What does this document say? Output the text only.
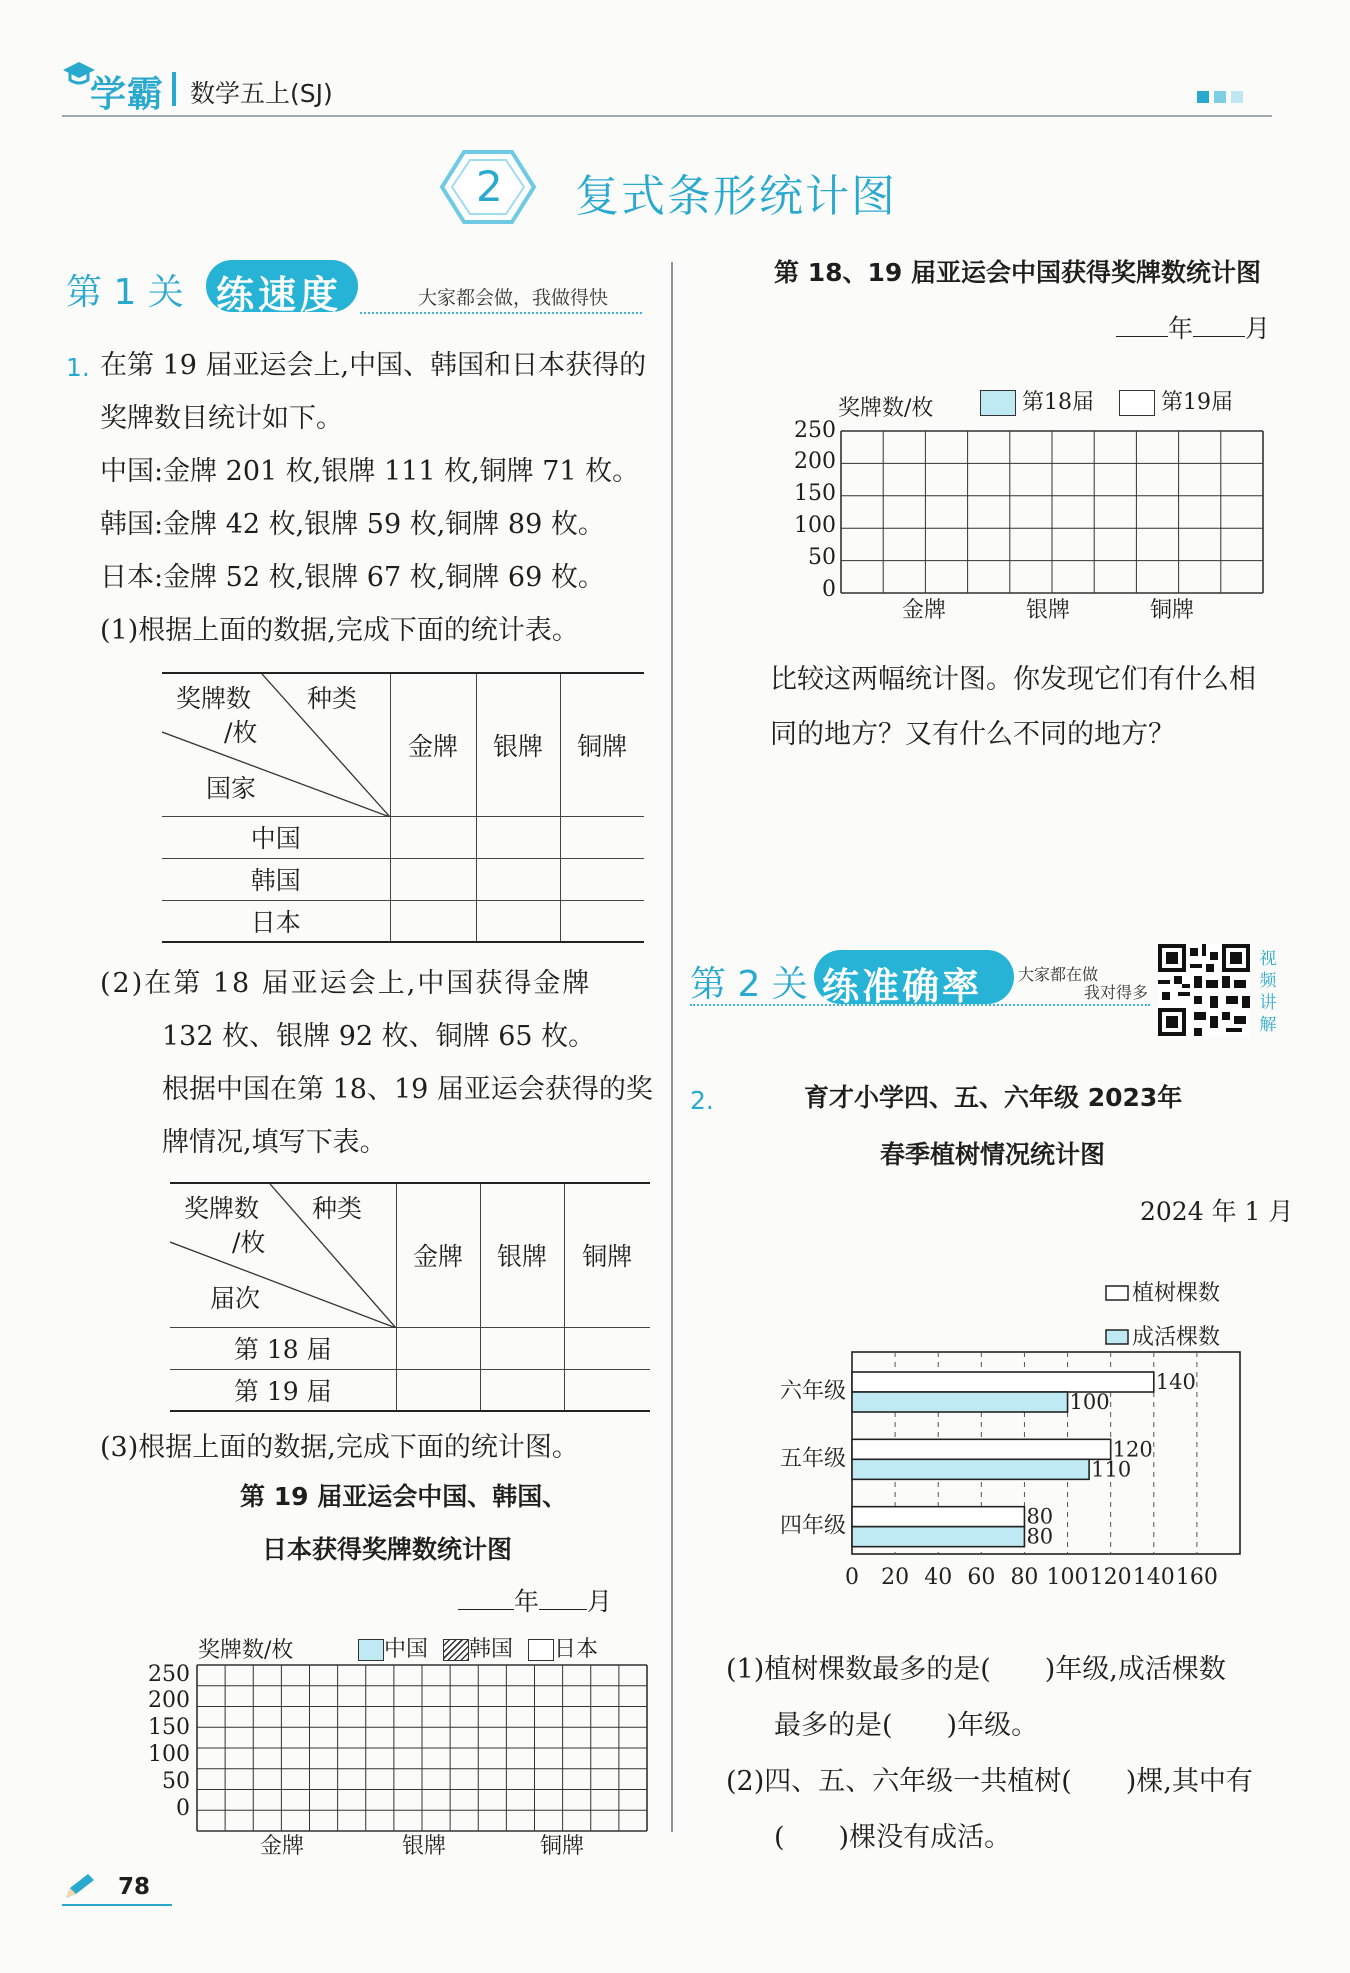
学霸 数学五上(SJ)
2 复式条形统计图
第 1 关 练速度	大家都会做，我做得快
1. 在第 19 届亚运会上,中国、韩国和日本获得的
奖牌数目统计如下。
中国:金牌 201 枚,银牌 111 枚,铜牌 71 枚。
韩国:金牌 42 枚,银牌 59 枚,铜牌 89 枚。
日本:金牌 52 枚,银牌 67 枚,铜牌 69 枚。
(1)根据上面的数据,完成下面的统计表。
种类
奖牌数
/枚
国家	金牌	银牌	铜牌
中国			
韩国			
日本			
(2)在第 18 届亚运会上,中国获得金牌
132 枚、银牌 92 枚、铜牌 65 枚。
根据中国在第 18、19 届亚运会获得的奖
牌情况,填写下表。
种类
奖牌数
/枚
届次	金牌	银牌	铜牌
第 18 届			
第 19 届			
(3)根据上面的数据,完成下面的统计图。
第 19 届亚运会中国、韩国、
日本获得奖牌数统计图
年 月
奖牌数/枚	中国 韩国 日本
250
200
150
100
50
0
金牌	银牌	铜牌
第 18、19 届亚运会中国获得奖牌数统计图
年 月
奖牌数/枚	第18届	第19届
250
200
150
100
50
0
金牌	银牌	铜牌
比较这两幅统计图。你发现它们有什么相
同的地方？又有什么不同的地方？
第 2 关 练准确率 大家都在做
我对得多
视
频
讲
解
2.	育才小学四、五、六年级 2023年
春季植树情况统计图
2024 年 1 月
植树棵数
成活棵数
六年级	140
100
五年级	120
110
四年级	80
80
0 20 40 60 80 100 120 140 160
(1)植树棵数最多的是(　　)年级,成活棵数
最多的是(　　)年级。
(2)四、五、六年级一共植树(　　)棵,其中有
(　　)棵没有成活。
78
